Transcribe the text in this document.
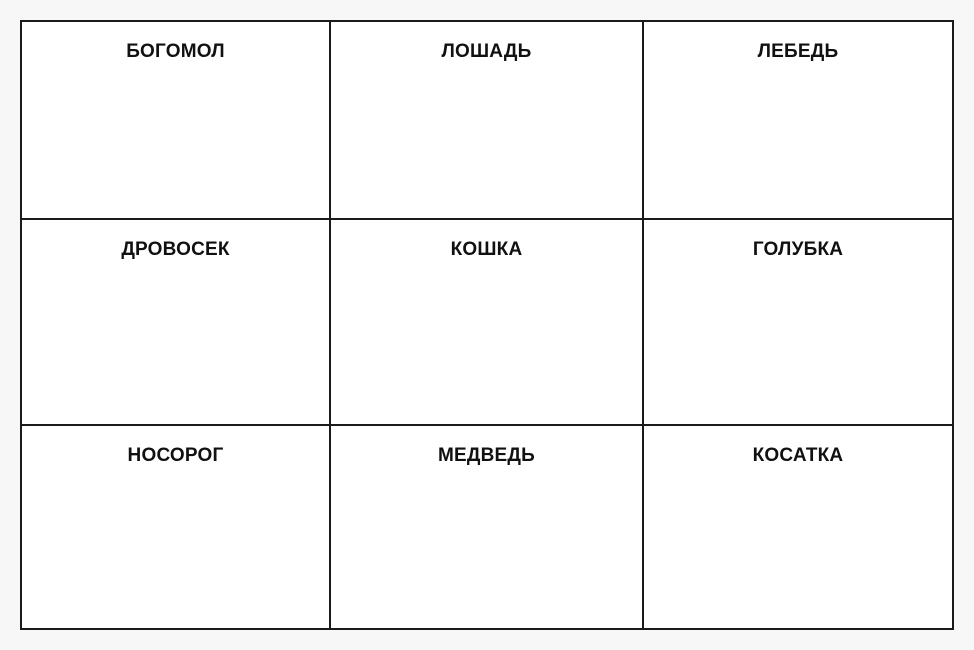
БОГОМОЛ	ЛОШАДЬ	ЛЕБЕДЬ
ДРОВОСЕК	КОШКА	ГОЛУБКА
НОСОРОГ	МЕДВЕДЬ	КОСАТКА
